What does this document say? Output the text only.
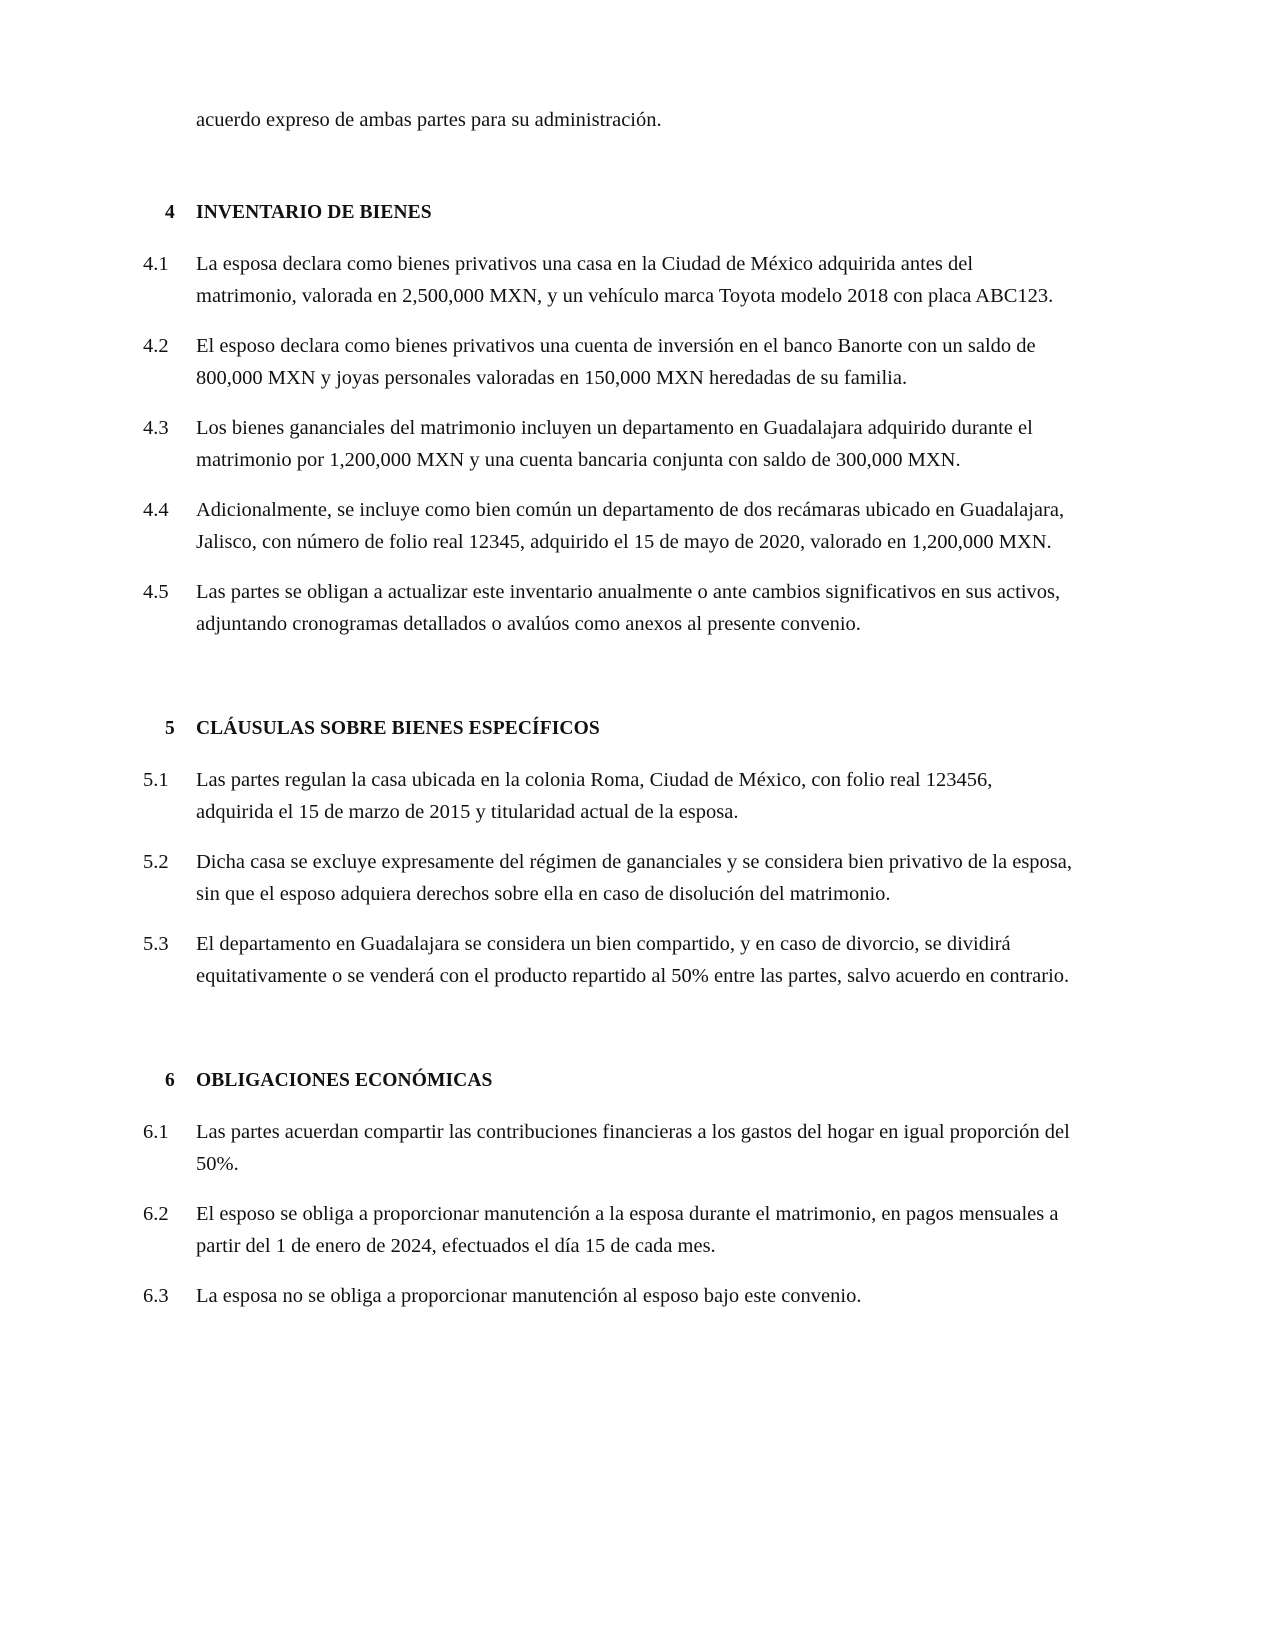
acuerdo expreso de ambas partes para su administración.

4	INVENTARIO DE BIENES
4.1	La esposa declara como bienes privativos una casa en la Ciudad de México adquirida antes del matrimonio, valorada en 2,500,000 MXN, y un vehículo marca Toyota modelo 2018 con placa ABC123.
4.2	El esposo declara como bienes privativos una cuenta de inversión en el banco Banorte con un saldo de 800,000 MXN y joyas personales valoradas en 150,000 MXN heredadas de su familia.
4.3	Los bienes gananciales del matrimonio incluyen un departamento en Guadalajara adquirido durante el matrimonio por 1,200,000 MXN y una cuenta bancaria conjunta con saldo de 300,000 MXN.
4.4	Adicionalmente, se incluye como bien común un departamento de dos recámaras ubicado en Guadalajara, Jalisco, con número de folio real 12345, adquirido el 15 de mayo de 2020, valorado en 1,200,000 MXN.
4.5	Las partes se obligan a actualizar este inventario anualmente o ante cambios significativos en sus activos, adjuntando cronogramas detallados o avalúos como anexos al presente convenio.
5	CLÁUSULAS SOBRE BIENES ESPECÍFICOS
5.1	Las partes regulan la casa ubicada en la colonia Roma, Ciudad de México, con folio real 123456, adquirida el 15 de marzo de 2015 y titularidad actual de la esposa.
5.2	Dicha casa se excluye expresamente del régimen de gananciales y se considera bien privativo de la esposa, sin que el esposo adquiera derechos sobre ella en caso de disolución del matrimonio.
5.3	El departamento en Guadalajara se considera un bien compartido, y en caso de divorcio, se dividirá equitativamente o se venderá con el producto repartido al 50% entre las partes, salvo acuerdo en contrario.
6	OBLIGACIONES ECONÓMICAS
6.1	Las partes acuerdan compartir las contribuciones financieras a los gastos del hogar en igual proporción del 50%.
6.2	El esposo se obliga a proporcionar manutención a la esposa durante el matrimonio, en pagos mensuales a partir del 1 de enero de 2024, efectuados el día 15 de cada mes.
6.3	La esposa no se obliga a proporcionar manutención al esposo bajo este convenio.
